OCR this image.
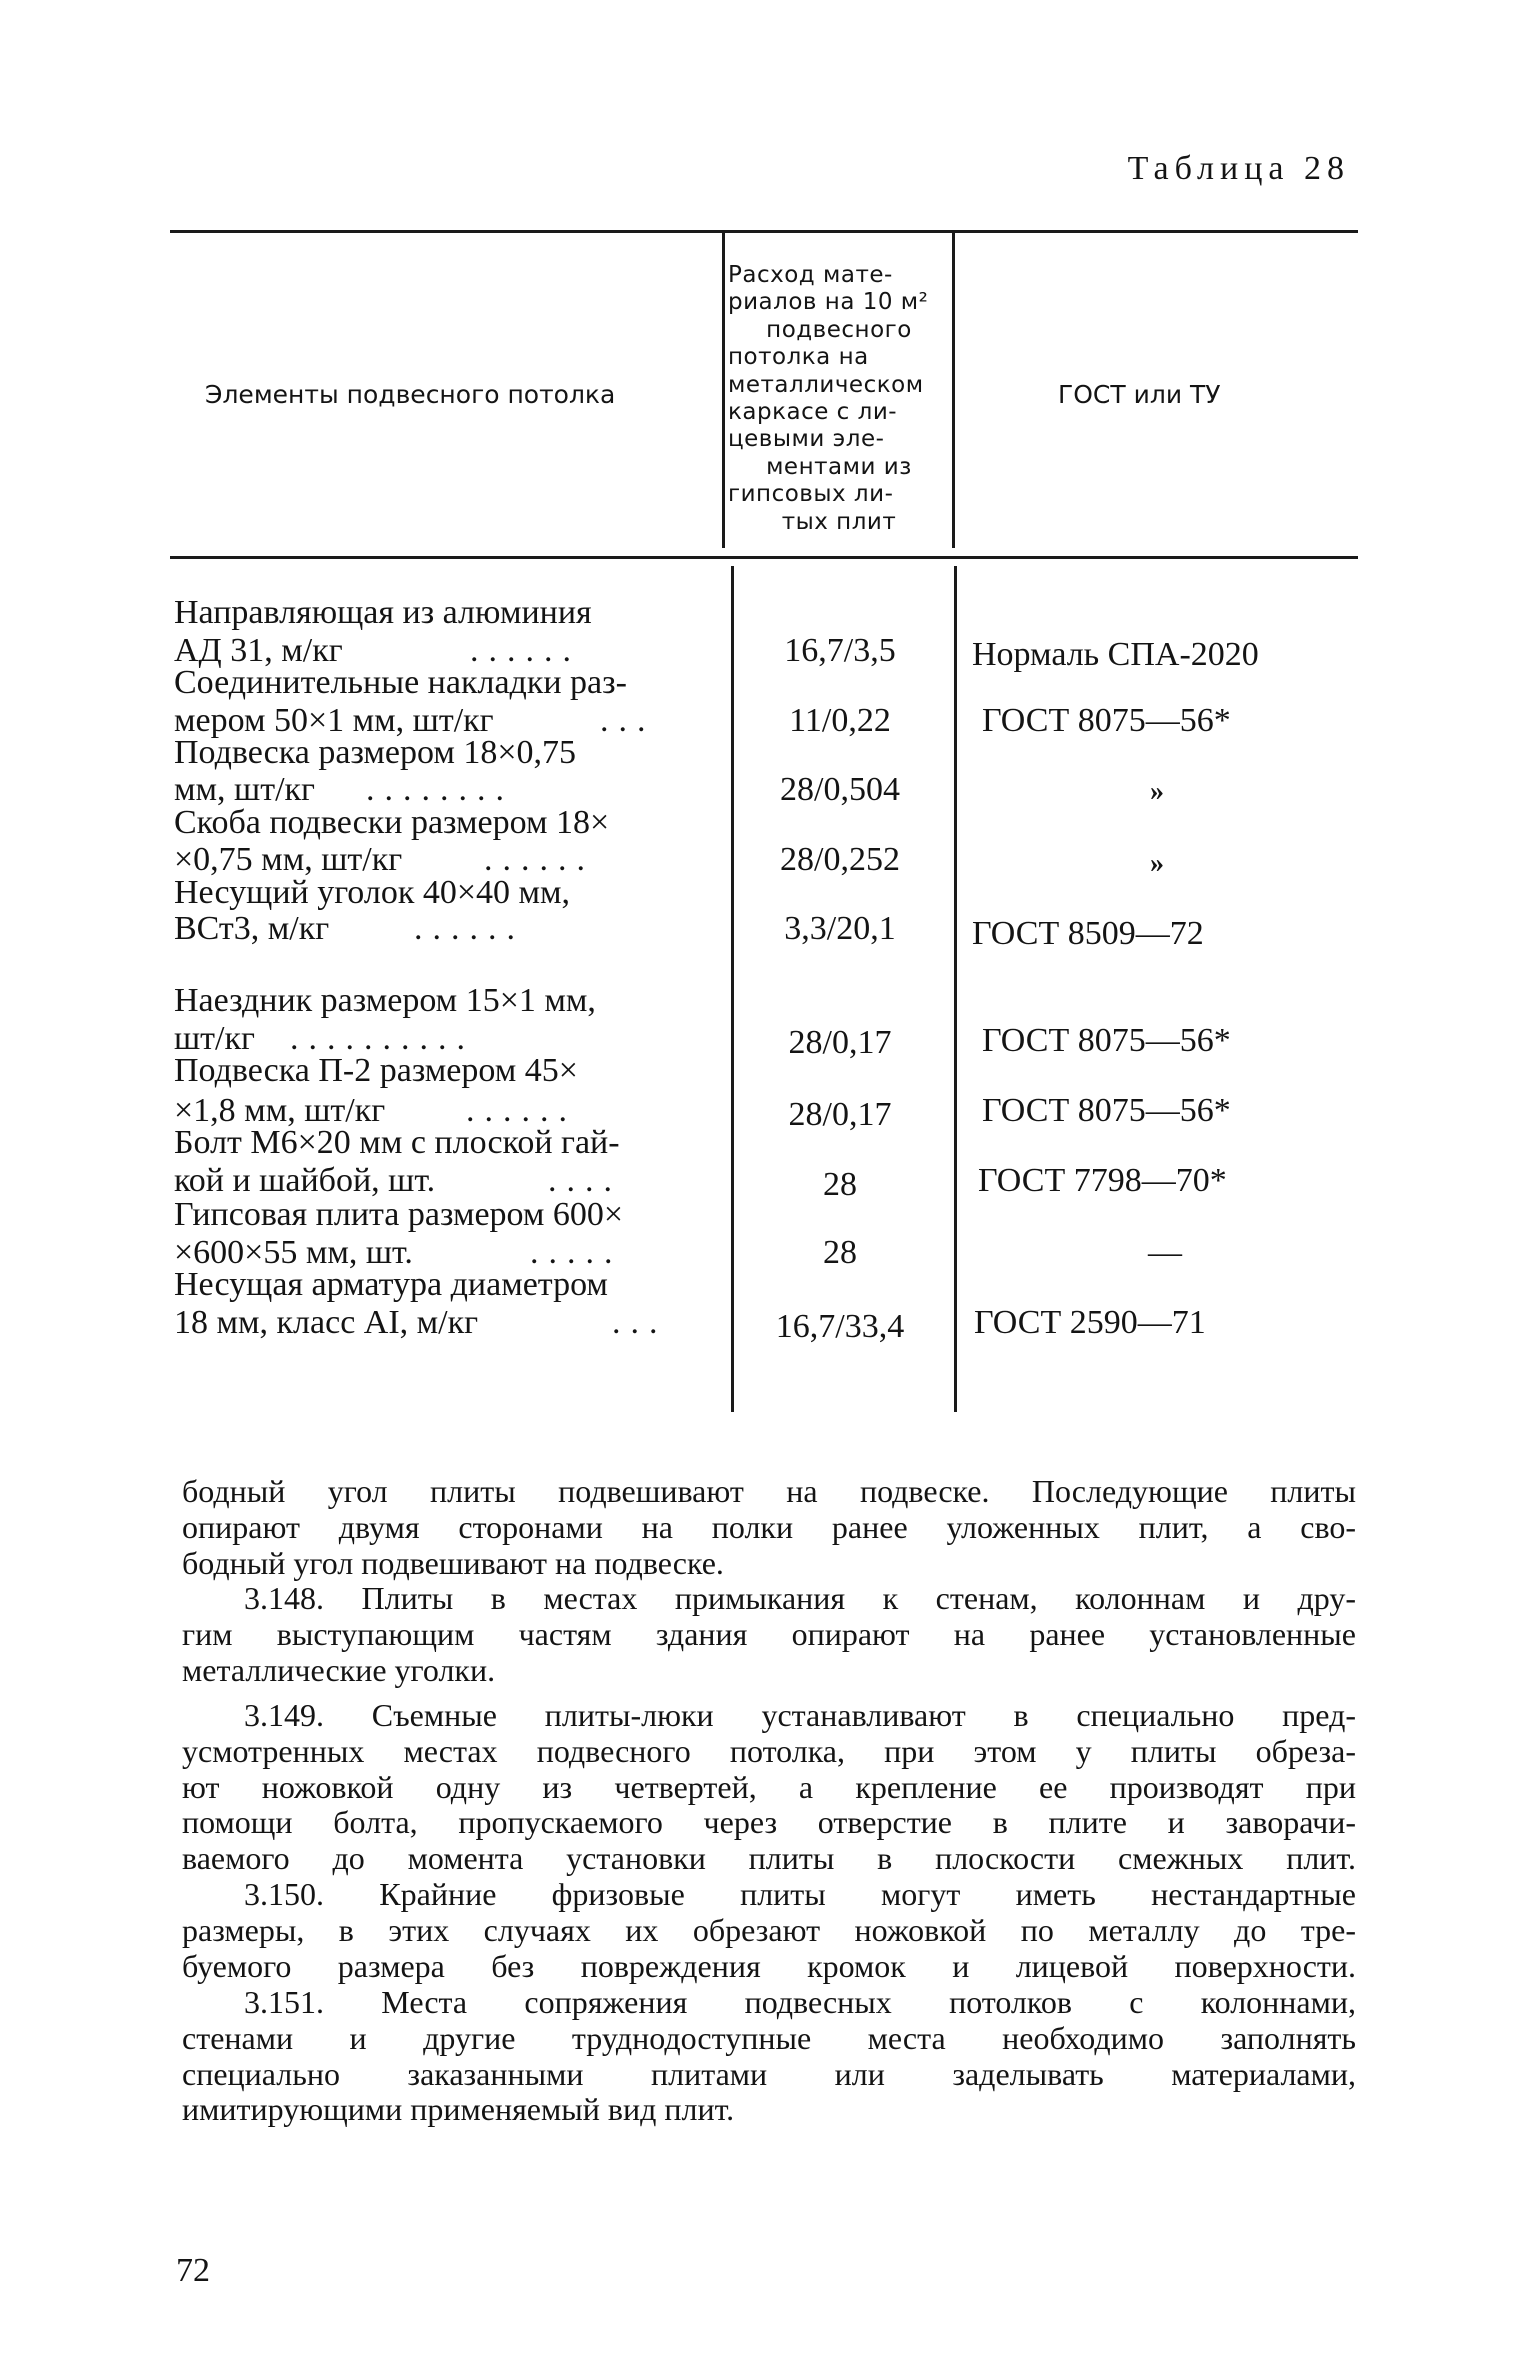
Таблица 28
Элементы подвесного потолка
Расход мате-
риалов на 10 м²
подвесного
потолка на
металлическом
каркасе с ли-
цевыми эле-
ментами из
гипсовых ли-
тых плит
ГОСТ или ТУ
Направляющая из алюминия
АД 31, м/кг	......	16,7/3,5	Нормаль СПА-2020
Соединительные накладки раз-
мером 50×1 мм, шт/кг	...	11/0,22	ГОСТ 8075—56*
Подвеска размером 18×0,75
мм, шт/кг ........	28/0,504	»
Скоба подвески размером 18×
×0,75 мм, шт/кг ......	28/0,252	»
Несущий уголок 40×40 мм,
ВСт3, м/кг ......	3,3/20,1	ГОСТ 8509—72
Наездник размером 15×1 мм,
шт/кг ..........	28/0,17	ГОСТ 8075—56*
Подвеска П-2 размером 45×
×1,8 мм, шт/кг ......	28/0,17	ГОСТ 8075—56*
Болт М6×20 мм с плоской гай-
кой и шайбой, шт.	....	28	ГОСТ 7798—70*
Гипсовая плита размером 600×
×600×55 мм, шт.	.....	28	—
Несущая арматура диаметром
18 мм, класс АI, м/кг	...	16,7/33,4	ГОСТ 2590—71
бодный угол плиты подвешивают на подвеске. Последующие плиты
опирают двумя сторонами на полки ранее уложенных плит, а сво-
бодный угол подвешивают на подвеске.
3.148. Плиты в местах примыкания к стенам, колоннам и дру-
гим выступающим частям здания опирают на ранее установленные
металлические уголки.
3.149. Съемные плиты-люки устанавливают в специально пред-
усмотренных местах подвесного потолка, при этом у плиты обреза-
ют ножовкой одну из четвертей, а крепление ее производят при
помощи болта, пропускаемого через отверстие в плите и заворачи-
ваемого до момента установки плиты в плоскости смежных плит.
3.150. Крайние фризовые плиты могут иметь нестандартные
размеры, в этих случаях их обрезают ножовкой по металлу до тре-
буемого размера без повреждения кромок и лицевой поверхности.
3.151. Места сопряжения подвесных потолков с колоннами,
стенами и другие труднодоступные места необходимо заполнять
специально заказанными плитами или заделывать материалами,
имитирующими применяемый вид плит.
72
